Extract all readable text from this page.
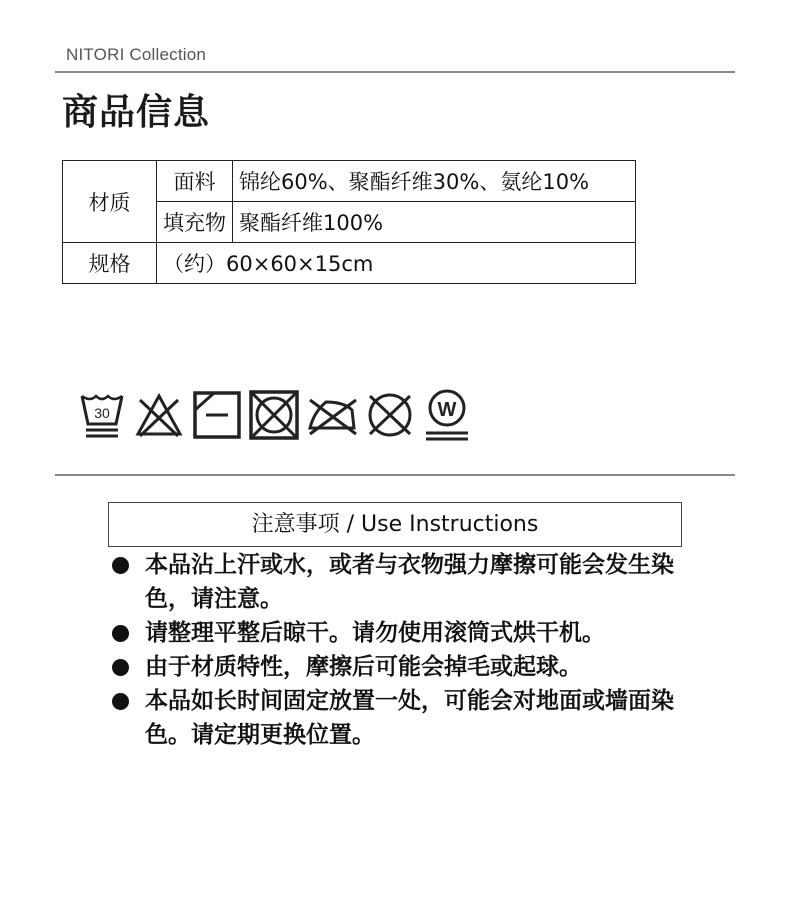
NITORI Collection
商品信息
材质	面料	锦纶60%、聚酯纤维30%、氨纶10%
	填充物	聚酯纤维100%
规格	（约）60×60×15cm	
30	W
注意事项 / Use Instructions
本品沾上汗或水，或者与衣物强力摩擦可能会发生染色，请注意。
请整理平整后晾干。请勿使用滚筒式烘干机。
由于材质特性，摩擦后可能会掉毛或起球。
本品如长时间固定放置一处，可能会对地面或墙面染色。请定期更换位置。
